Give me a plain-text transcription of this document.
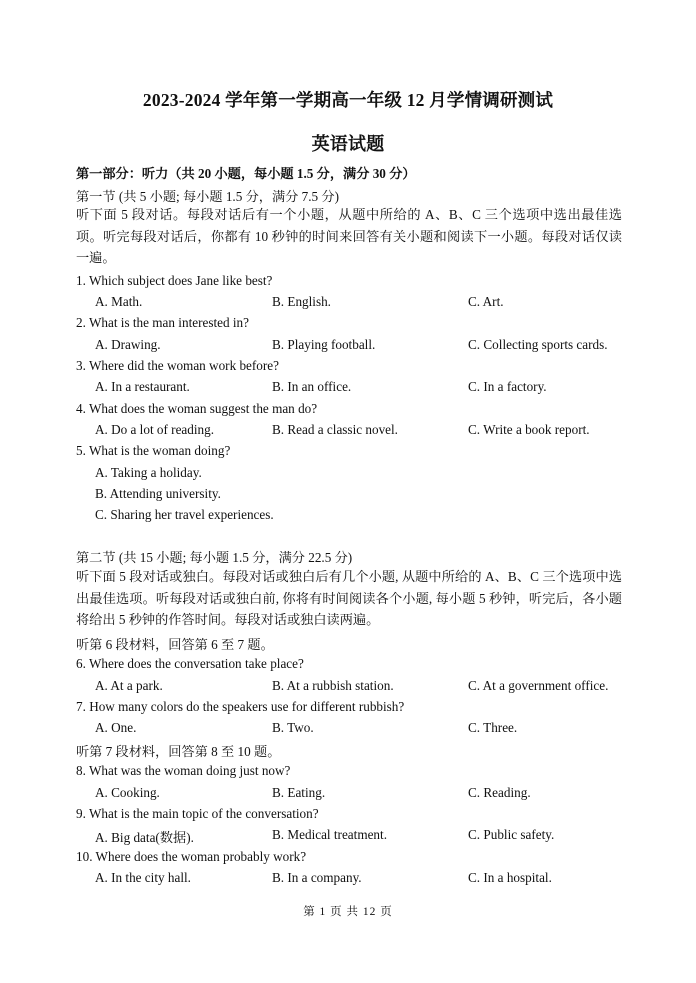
2023-2024 学年第一学期高一年级 12 月学情调研测试
英语试题
第一部分：听力（共 20 小题，每小题 1.5 分，满分 30 分）
第一节 (共 5 小题; 每小题 1.5 分，满分 7.5 分)
听下面 5 段对话。每段对话后有一个小题，从题中所给的 A、B、C 三个选项中选出最佳选项。听完每段对话后，你都有 10 秒钟的时间来回答有关小题和阅读下一小题。每段对话仅读一遍。
1. Which subject does Jane like best?
A. Math.	B. English.	C. Art.
2. What is the man interested in?
A. Drawing.	B. Playing football.	C. Collecting sports cards.
3. Where did the woman work before?
A. In a restaurant.	B. In an office.	C. In a factory.
4. What does the woman suggest the man do?
A. Do a lot of reading.	B. Read a classic novel.	C. Write a book report.
5. What is the woman doing?
A. Taking a holiday.
B. Attending university.
C. Sharing her travel experiences.
第二节 (共 15 小题; 每小题 1.5 分，满分 22.5 分)
听下面 5 段对话或独白。每段对话或独白后有几个小题, 从题中所给的 A、B、C 三个选项中选出最佳选项。听每段对话或独白前, 你将有时间阅读各个小题, 每小题 5 秒钟，听完后，各小题将给出 5 秒钟的作答时间。每段对话或独白读两遍。
听第 6 段材料，回答第 6 至 7 题。
6. Where does the conversation take place?
A. At a park.	B. At a rubbish station.	C. At a government office.
7. How many colors do the speakers use for different rubbish?
A. One.	B. Two.	C. Three.
听第 7 段材料，回答第 8 至 10 题。
8. What was the woman doing just now?
A. Cooking.	B. Eating.	C. Reading.
9. What is the main topic of the conversation?
A. Big data(数据).	B. Medical treatment.	C. Public safety.
10. Where does the woman probably work?
A. In the city hall.	B. In a company.	C. In a hospital.
第 1 页 共 12 页
